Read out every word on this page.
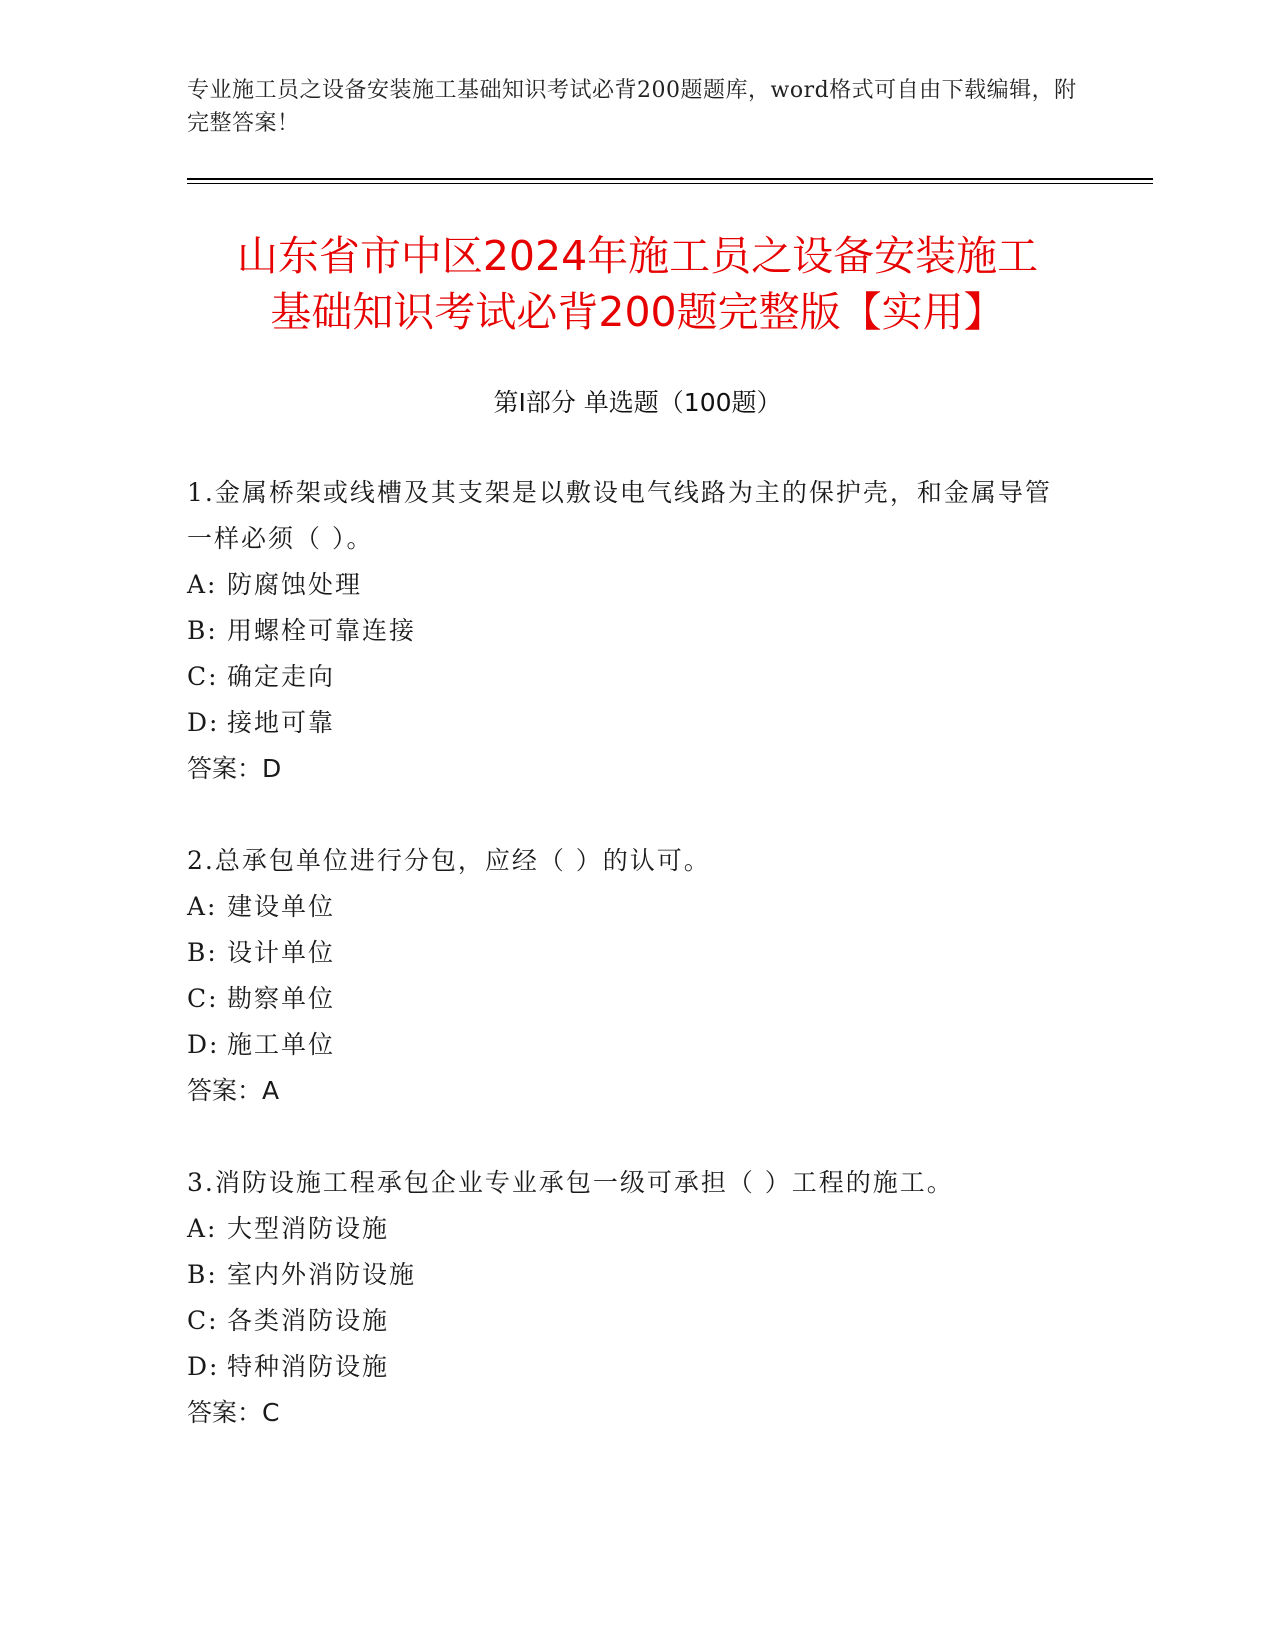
专业施工员之设备安装施工基础知识考试必背200题题库，word格式可自由下载编辑，附完整答案！
山东省市中区2024年施工员之设备安装施工
基础知识考试必背200题完整版【实用】
第I部分 单选题（100题）

1.金属桥架或线槽及其支架是以敷设电气线路为主的保护壳，和金属导管一样必须（ ）。

A: 防腐蚀处理

B: 用螺栓可靠连接

C: 确定走向

D: 接地可靠

答案：D

2.总承包单位进行分包，应经（ ）的认可。

A: 建设单位

B: 设计单位

C: 勘察单位

D: 施工单位

答案：A

3.消防设施工程承包企业专业承包一级可承担（ ）工程的施工。

A: 大型消防设施

B: 室内外消防设施

C: 各类消防设施

D: 特种消防设施

答案：C
